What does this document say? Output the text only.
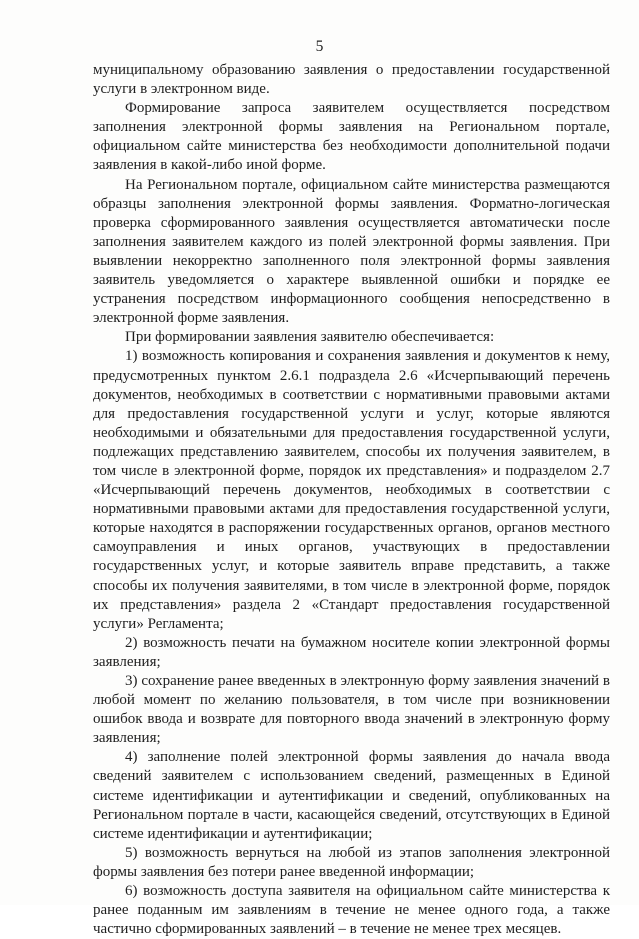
5

муниципальному образованию заявления о предоставлении государственной услуги в электронном виде.

Формирование запроса заявителем осуществляется посредством заполнения электронной формы заявления на Региональном портале, официальном сайте министерства без необходимости дополнительной подачи заявления в какой-либо иной форме.

На Региональном портале, официальном сайте министерства размещаются образцы заполнения электронной формы заявления. Форматно-логическая проверка сформированного заявления осуществляется автоматически после заполнения заявителем каждого из полей электронной формы заявления. При выявлении некорректно заполненного поля электронной формы заявления заявитель уведомляется о характере выявленной ошибки и порядке ее устранения посредством информационного сообщения непосредственно в электронной форме заявления.

При формировании заявления заявителю обеспечивается:

1) возможность копирования и сохранения заявления и документов к нему, предусмотренных пунктом 2.6.1 подраздела 2.6 «Исчерпывающий перечень документов, необходимых в соответствии с нормативными правовыми актами для предоставления государственной услуги и услуг, которые являются необходимыми и обязательными для предоставления государственной услуги, подлежащих представлению заявителем, способы их получения заявителем, в том числе в электронной форме, порядок их представления» и подразделом 2.7 «Исчерпывающий перечень документов, необходимых в соответствии с нормативными правовыми актами для предоставления государственной услуги, которые находятся в распоряжении государственных органов, органов местного самоуправления и иных органов, участвующих в предоставлении государственных услуг, и которые заявитель вправе представить, а также способы их получения заявителями, в том числе в электронной форме, порядок их представления» раздела 2 «Стандарт предоставления государственной услуги» Регламента;

2) возможность печати на бумажном носителе копии электронной формы заявления;

3) сохранение ранее введенных в электронную форму заявления значений в любой момент по желанию пользователя, в том числе при возникновении ошибок ввода и возврате для повторного ввода значений в электронную форму заявления;

4) заполнение полей электронной формы заявления до начала ввода сведений заявителем с использованием сведений, размещенных в Единой системе идентификации и аутентификации и сведений, опубликованных на Региональном портале в части, касающейся сведений, отсутствующих в Единой системе идентификации и аутентификации;

5) возможность вернуться на любой из этапов заполнения электронной формы заявления без потери ранее введенной информации;

6) возможность доступа заявителя на официальном сайте министерства к ранее поданным им заявлениям в течение не менее одного года, а также частично сформированных заявлений – в течение не менее трех месяцев.
